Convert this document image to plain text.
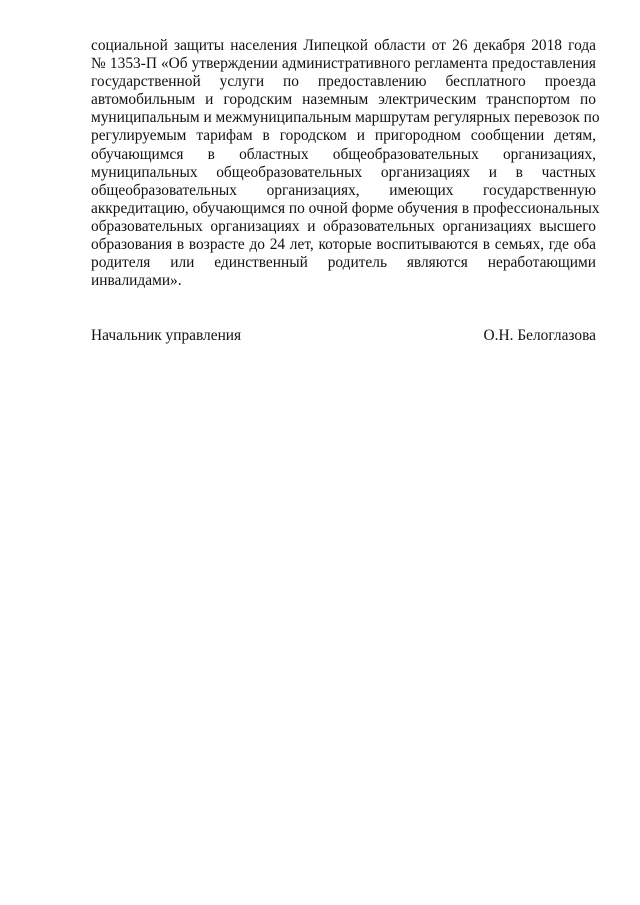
социальной защиты населения Липецкой области от 26 декабря 2018 года
№ 1353-П «Об утверждении административного регламента предоставления
государственной услуги по предоставлению бесплатного проезда
автомобильным и городским наземным электрическим транспортом по
муниципальным и межмуниципальным маршрутам регулярных перевозок по
регулируемым тарифам в городском и пригородном сообщении детям,
обучающимся в областных общеобразовательных организациях,
муниципальных общеобразовательных организациях и в частных
общеобразовательных организациях, имеющих государственную
аккредитацию, обучающимся по очной форме обучения в профессиональных
образовательных организациях и образовательных организациях высшего
образования в возрасте до 24 лет, которые воспитываются в семьях, где оба
родителя или единственный родитель являются неработающими
инвалидами».
Начальник управления	О.Н. Белоглазова
